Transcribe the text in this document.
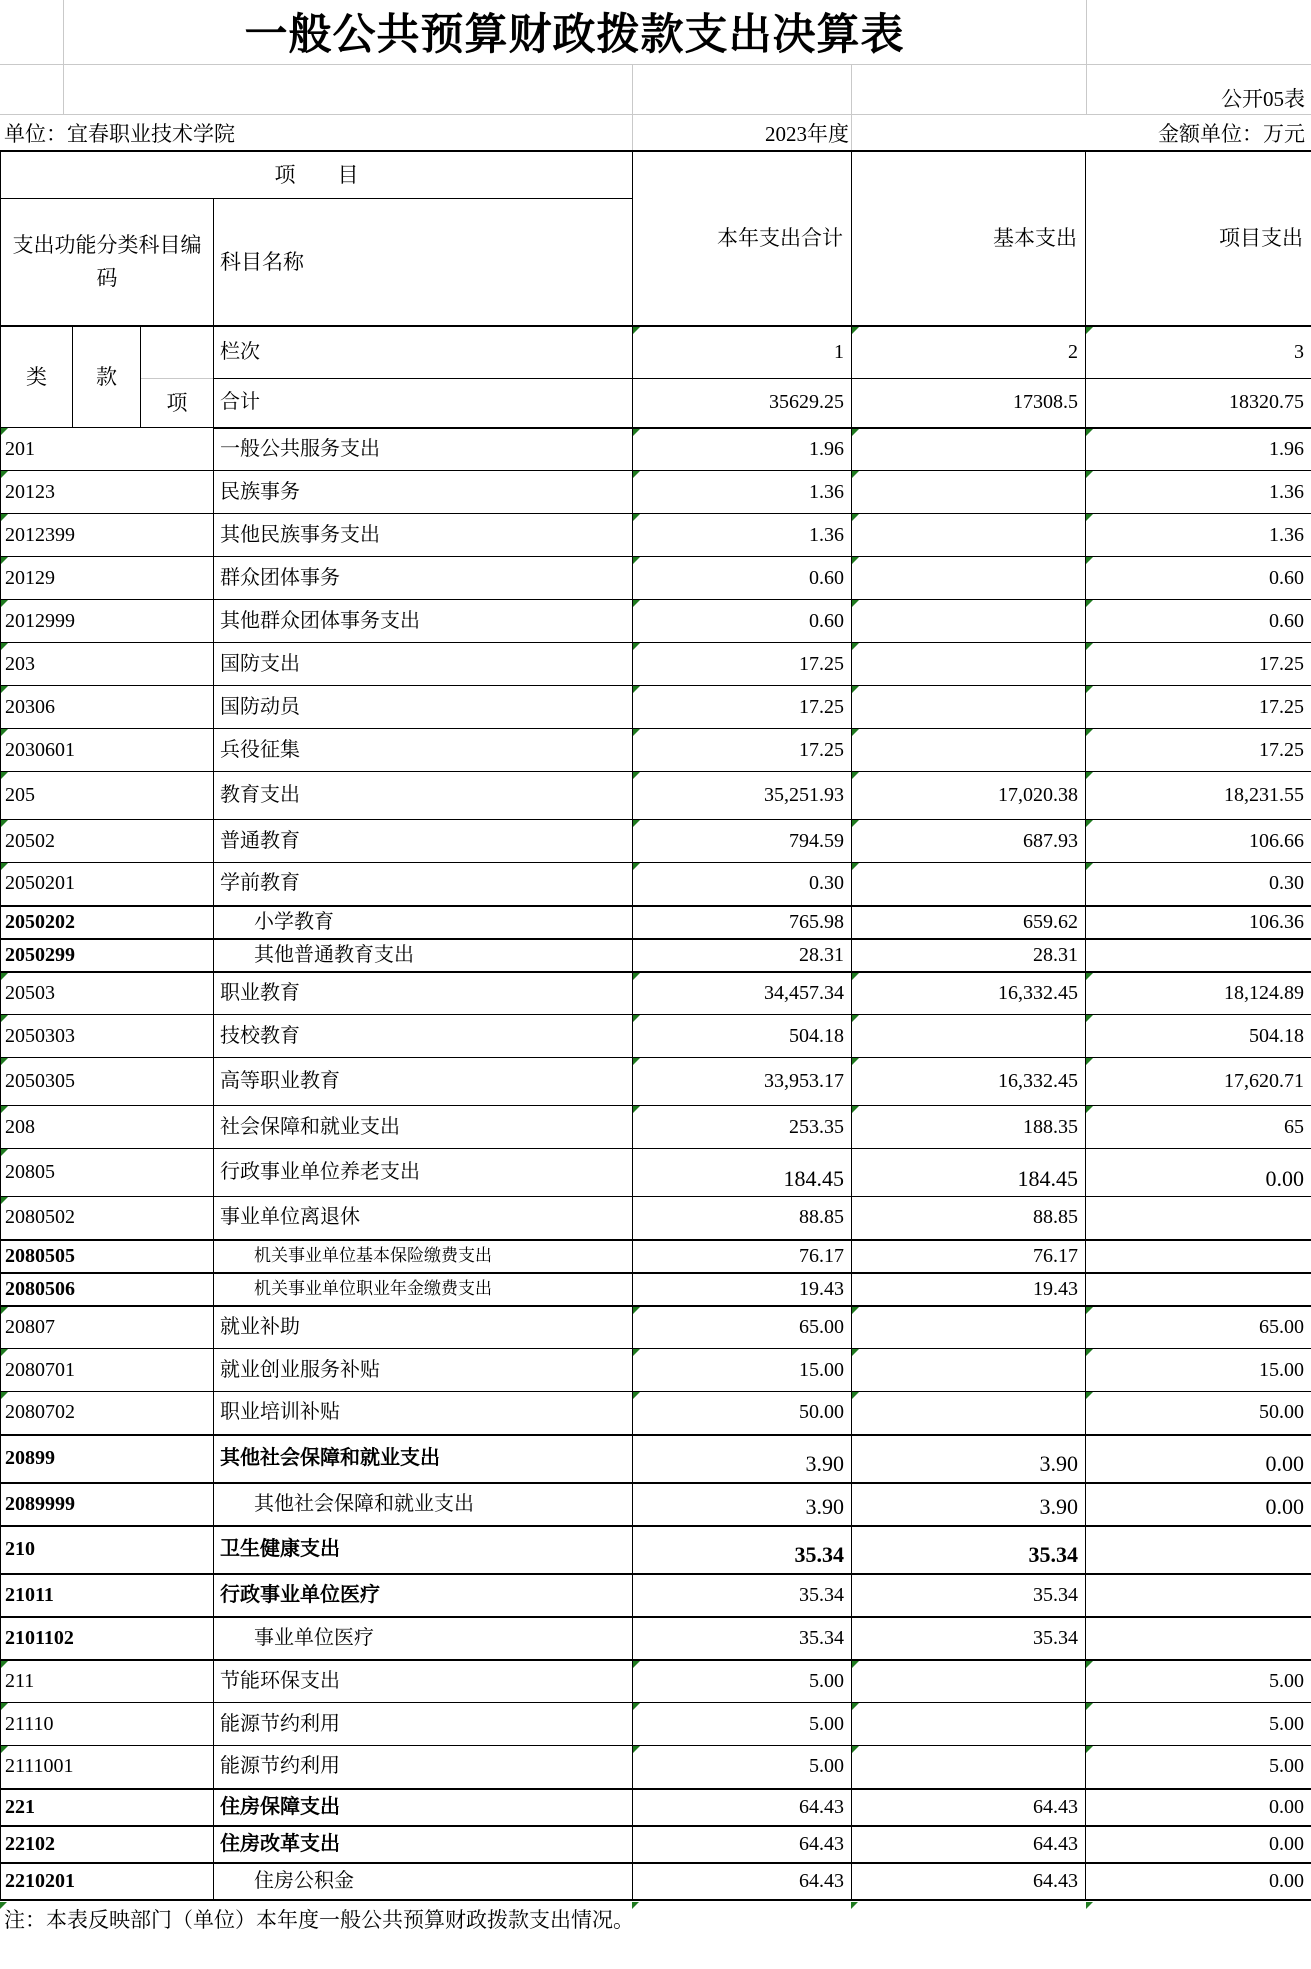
一般公共预算财政拨款支出决算表
公开05表
单位：宜春职业技术学院	2023年度	金额单位：万元
项　　目				本年支出合计	基本支出	项目支出
支出功能分类科目编码			科目名称			
类	款	项	栏次	1	2	3
			合计	35629.25	17308.5	18320.75
201			一般公共服务支出	1.96		1.96
20123			民族事务	1.36		1.36
2012399			其他民族事务支出	1.36		1.36
20129			群众团体事务	0.60		0.60
2012999			其他群众团体事务支出	0.60		0.60
203			国防支出	17.25		17.25
20306			国防动员	17.25		17.25
2030601			兵役征集	17.25		17.25
205			教育支出	35,251.93	17,020.38	18,231.55
20502			普通教育	794.59	687.93	106.66
2050201			学前教育	0.30		0.30
2050202			小学教育	765.98	659.62	106.36
2050299			其他普通教育支出	28.31	28.31	
20503			职业教育	34,457.34	16,332.45	18,124.89
2050303			技校教育	504.18		504.18
2050305			高等职业教育	33,953.17	16,332.45	17,620.71
208			社会保障和就业支出	253.35	188.35	65
20805			行政事业单位养老支出	184.45	184.45	0.00
2080502			事业单位离退休	88.85	88.85	
2080505			机关事业单位基本保险缴费支出	76.17	76.17	
2080506			机关事业单位职业年金缴费支出	19.43	19.43	
20807			就业补助	65.00		65.00
2080701			就业创业服务补贴	15.00		15.00
2080702			职业培训补贴	50.00		50.00
20899			其他社会保障和就业支出	3.90	3.90	0.00
2089999			其他社会保障和就业支出	3.90	3.90	0.00
210			卫生健康支出	35.34	35.34	
21011			行政事业单位医疗	35.34	35.34	
2101102			事业单位医疗	35.34	35.34	
211			节能环保支出	5.00		5.00
21110			能源节约利用	5.00		5.00
2111001			能源节约利用	5.00		5.00
221			住房保障支出	64.43	64.43	0.00
22102			住房改革支出	64.43	64.43	0.00
2210201			住房公积金	64.43	64.43	0.00
注：本表反映部门（单位）本年度一般公共预算财政拨款支出情况。
